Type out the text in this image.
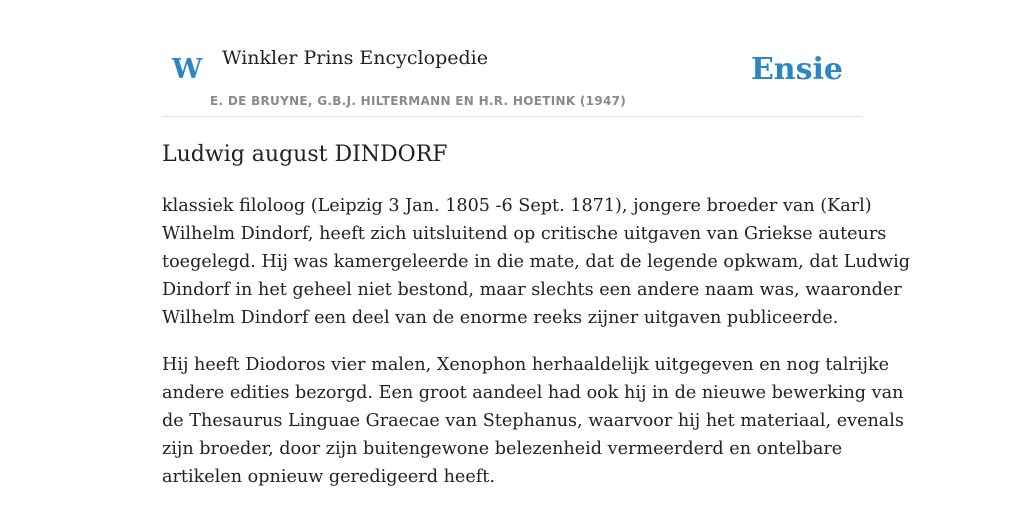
W Winkler Prins Encyclopedie
E. DE BRUYNE, G.B.J. HILTERMANN EN H.R. HOETINK (1947)
Ensie
Ludwig august DINDORF

klassiek filoloog (Leipzig 3 Jan. 1805 -6 Sept. 1871), jongere broeder van (Karl)
Wilhelm Dindorf, heeft zich uitsluitend op critische uitgaven van Griekse auteurs
toegelegd. Hij was kamergeleerde in die mate, dat de legende opkwam, dat Ludwig
Dindorf in het geheel niet bestond, maar slechts een andere naam was, waaronder
Wilhelm Dindorf een deel van de enorme reeks zijner uitgaven publiceerde.

Hij heeft Diodoros vier malen, Xenophon herhaaldelijk uitgegeven en nog talrijke
andere edities bezorgd. Een groot aandeel had ook hij in de nieuwe bewerking van
de Thesaurus Linguae Graecae van Stephanus, waarvoor hij het materiaal, evenals
zijn broeder, door zijn buitengewone belezenheid vermeerderd en ontelbare
artikelen opnieuw geredigeerd heeft.
